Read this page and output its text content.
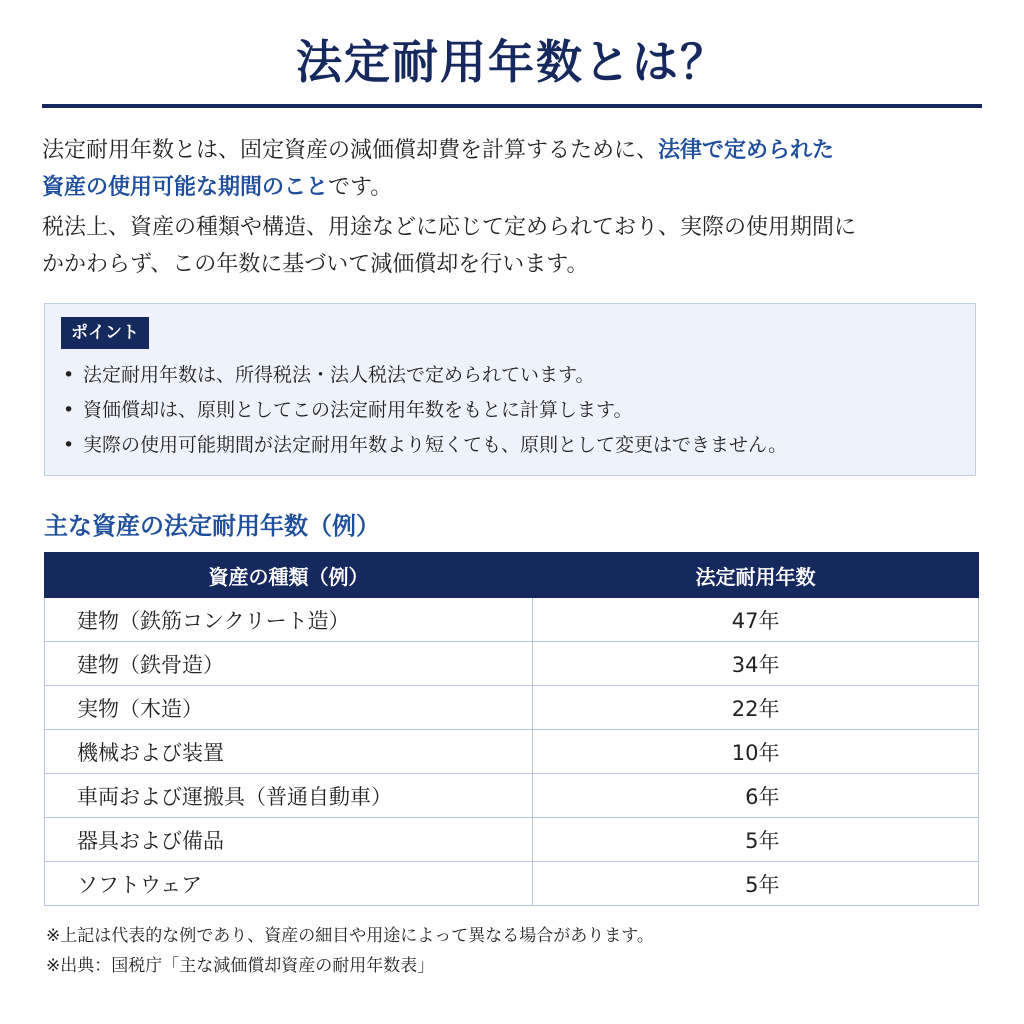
法定耐用年数とは？

法定耐用年数とは、固定資産の減価償却費を計算するために、法律で定められた
資産の使用可能な期間のことです。

税法上、資産の種類や構造、用途などに応じて定められており、実際の使用期間に
かかわらず、この年数に基づいて減価償却を行います。

ポイント
• 法定耐用年数は、所得税法・法人税法で定められています。
• 資価償却は、原則としてこの法定耐用年数をもとに計算します。
• 実際の使用可能期間が法定耐用年数より短くても、原則として変更はできません。
主な資産の法定耐用年数（例）
資産の種類（例）	法定耐用年数
建物（鉄筋コンクリート造）	47年
建物（鉄骨造）	34年
実物（木造）	22年
機械および装置	10年
車両および運搬具（普通自動車）	6年
器具および備品	5年
ソフトウェア	5年

※上記は代表的な例であり、資産の細目や用途によって異なる場合があります。

※出典：国税庁「主な減価償却資産の耐用年数表」
